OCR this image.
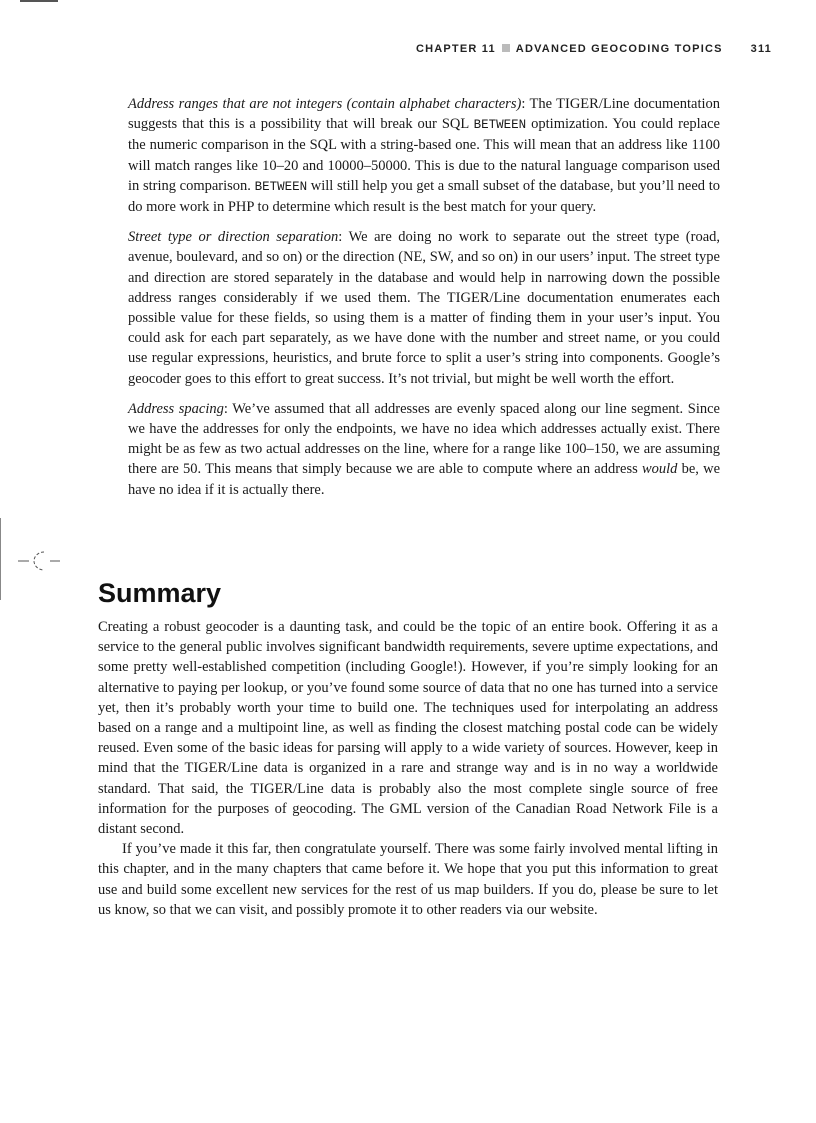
CHAPTER 11 ADVANCED GEOCODING TOPICS	311

Address ranges that are not integers (contain alphabet characters): The TIGER/Line documentation suggests that this is a possibility that will break our SQL BETWEEN optimization. You could replace the numeric comparison in the SQL with a string-based one. This will mean that an address like 1100 will match ranges like 10–20 and 10000–50000. This is due to the natural language comparison used in string comparison. BETWEEN will still help you get a small subset of the database, but you’ll need to do more work in PHP to determine which result is the best match for your query.

Street type or direction separation: We are doing no work to separate out the street type (road, avenue, boulevard, and so on) or the direction (NE, SW, and so on) in our users’ input. The street type and direction are stored separately in the database and would help in narrowing down the possible address ranges considerably if we used them. The TIGER/Line documentation enumerates each possible value for these fields, so using them is a matter of finding them in your user’s input. You could ask for each part separately, as we have done with the number and street name, or you could use regular expressions, heuristics, and brute force to split a user’s string into components. Google’s geocoder goes to this effort to great success. It’s not trivial, but might be well worth the effort.

Address spacing: We’ve assumed that all addresses are evenly spaced along our line segment. Since we have the addresses for only the endpoints, we have no idea which addresses actually exist. There might be as few as two actual addresses on the line, where for a range like 100–150, we are assuming there are 50. This means that simply because we are able to compute where an address would be, we have no idea if it is actually there.

Summary

Creating a robust geocoder is a daunting task, and could be the topic of an entire book. Offering it as a service to the general public involves significant bandwidth requirements, severe uptime expectations, and some pretty well-established competition (including Google!). However, if you’re simply looking for an alternative to paying per lookup, or you’ve found some source of data that no one has turned into a service yet, then it’s probably worth your time to build one. The techniques used for interpolating an address based on a range and a multipoint line, as well as finding the closest matching postal code can be widely reused. Even some of the basic ideas for parsing will apply to a wide variety of sources. However, keep in mind that the TIGER/Line data is organized in a rare and strange way and is in no way a worldwide standard. That said, the TIGER/Line data is probably also the most complete single source of free information for the purposes of geocoding. The GML version of the Canadian Road Network File is a distant second.

If you’ve made it this far, then congratulate yourself. There was some fairly involved mental lifting in this chapter, and in the many chapters that came before it. We hope that you put this information to great use and build some excellent new services for the rest of us map builders. If you do, please be sure to let us know, so that we can visit, and possibly promote it to other readers via our website.
